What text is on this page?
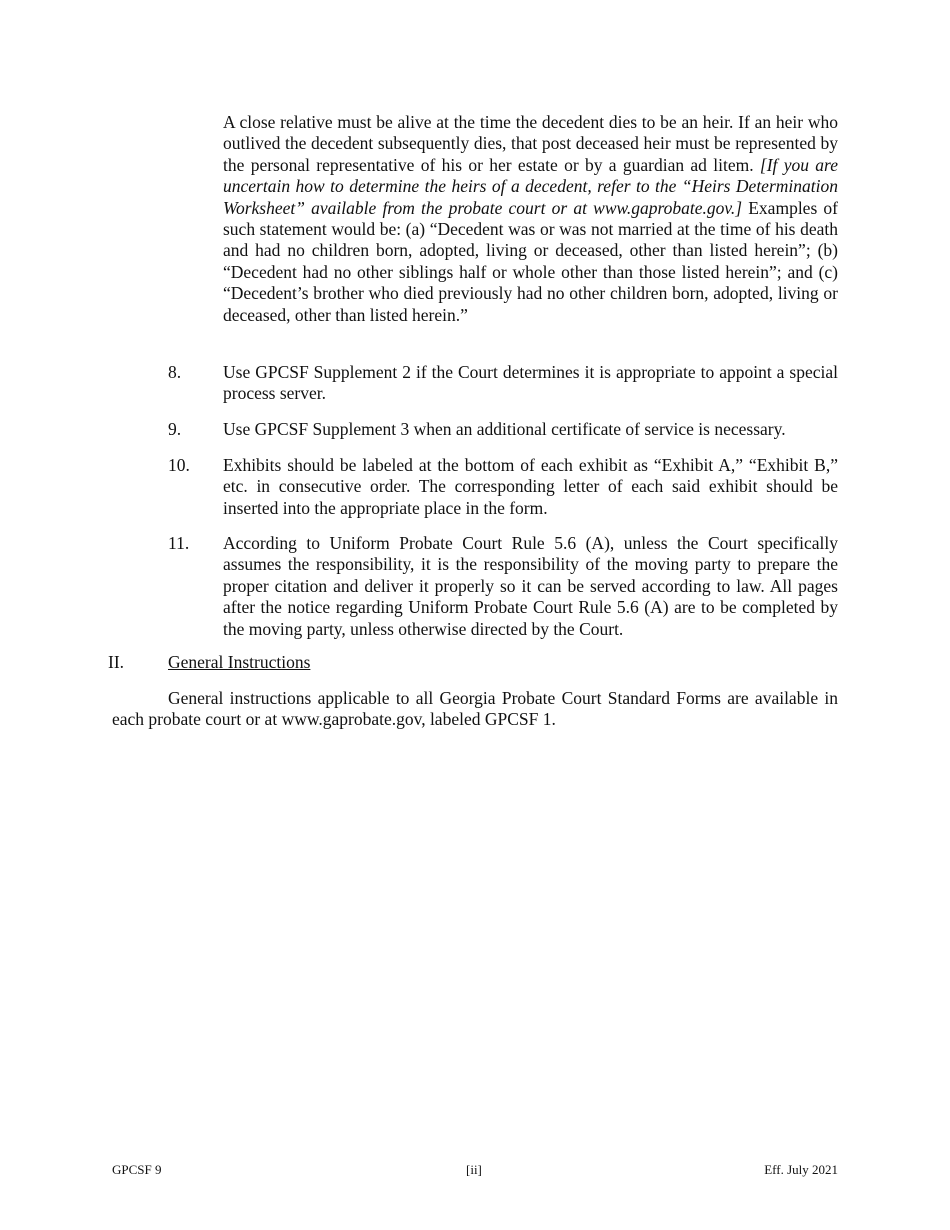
A close relative must be alive at the time the decedent dies to be an heir. If an heir who outlived the decedent subsequently dies, that post deceased heir must be represented by the personal representative of his or her estate or by a guardian ad litem. [If you are uncertain how to determine the heirs of a decedent, refer to the “Heirs Determination Worksheet” available from the probate court or at www.gaprobate.gov.] Examples of such statement would be: (a) “Decedent was or was not married at the time of his death and had no children born, adopted, living or deceased, other than listed herein”; (b) “Decedent had no other siblings half or whole other than those listed herein”; and (c) “Decedent’s brother who died previously had no other children born, adopted, living or deceased, other than listed herein.”

8. Use GPCSF Supplement 2 if the Court determines it is appropriate to appoint a special process server.
9. Use GPCSF Supplement 3 when an additional certificate of service is necessary.
10. Exhibits should be labeled at the bottom of each exhibit as “Exhibit A,” “Exhibit B,” etc. in consecutive order. The corresponding letter of each said exhibit should be inserted into the appropriate place in the form.
11. According to Uniform Probate Court Rule 5.6 (A), unless the Court specifically assumes the responsibility, it is the responsibility of the moving party to prepare the proper citation and deliver it properly so it can be served according to law. All pages after the notice regarding Uniform Probate Court Rule 5.6 (A) are to be completed by the moving party, unless otherwise directed by the Court.
II.	General Instructions
General instructions applicable to all Georgia Probate Court Standard Forms are available in each probate court or at www.gaprobate.gov, labeled GPCSF 1.
GPCSF 9	[ii]	Eff. July 2021
